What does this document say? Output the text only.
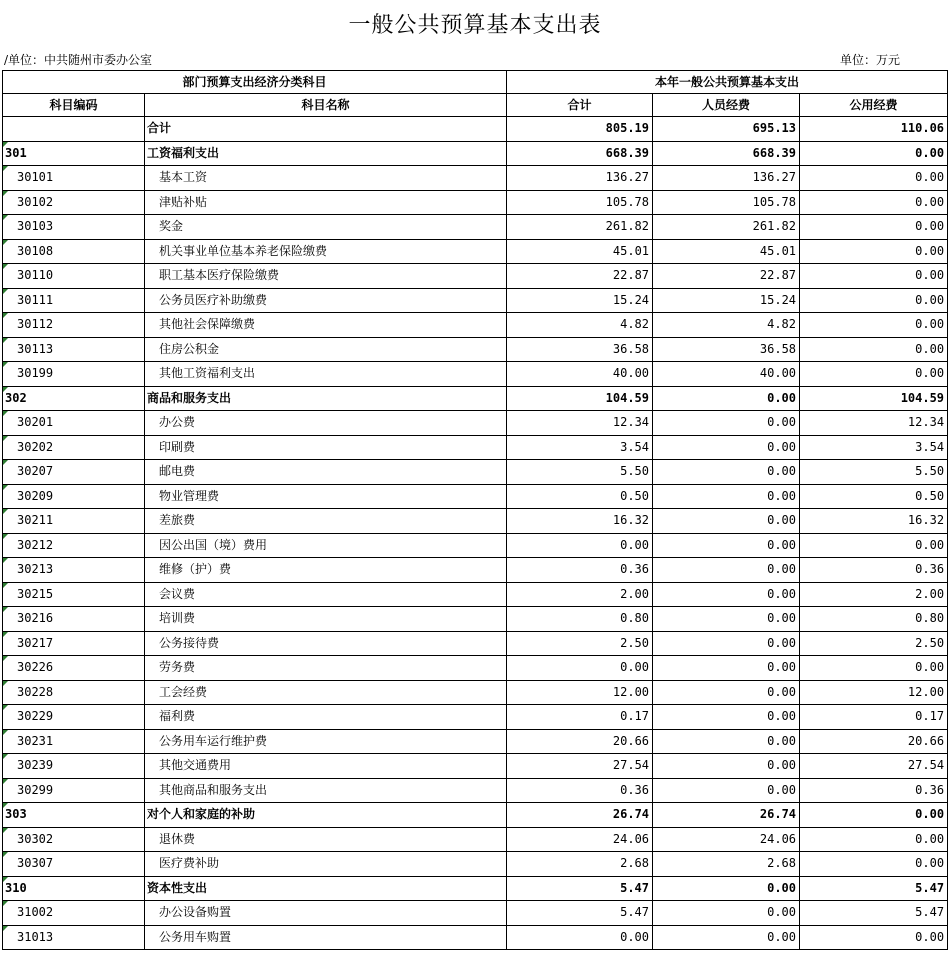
一般公共预算基本支出表
/单位：中共随州市委办公室	单位：万元
部门预算支出经济分类科目		本年一般公共预算基本支出		
科目编码	科目名称	合计	人员经费	公用经费
	合计	805.19	695.13	110.06

301	工资福利支出	668.39	668.39	0.00

30101	基本工资	136.27	136.27	0.00

30102	津贴补贴	105.78	105.78	0.00

30103	奖金	261.82	261.82	0.00

30108	机关事业单位基本养老保险缴费	45.01	45.01	0.00

30110	职工基本医疗保险缴费	22.87	22.87	0.00

30111	公务员医疗补助缴费	15.24	15.24	0.00

30112	其他社会保障缴费	4.82	4.82	0.00

30113	住房公积金	36.58	36.58	0.00

30199	其他工资福利支出	40.00	40.00	0.00

302	商品和服务支出	104.59	0.00	104.59

30201	办公费	12.34	0.00	12.34

30202	印刷费	3.54	0.00	3.54

30207	邮电费	5.50	0.00	5.50

30209	物业管理费	0.50	0.00	0.50

30211	差旅费	16.32	0.00	16.32

30212	因公出国（境）费用	0.00	0.00	0.00

30213	维修（护）费	0.36	0.00	0.36

30215	会议费	2.00	0.00	2.00

30216	培训费	0.80	0.00	0.80

30217	公务接待费	2.50	0.00	2.50

30226	劳务费	0.00	0.00	0.00

30228	工会经费	12.00	0.00	12.00

30229	福利费	0.17	0.00	0.17

30231	公务用车运行维护费	20.66	0.00	20.66

30239	其他交通费用	27.54	0.00	27.54

30299	其他商品和服务支出	0.36	0.00	0.36

303	对个人和家庭的补助	26.74	26.74	0.00

30302	退休费	24.06	24.06	0.00

30307	医疗费补助	2.68	2.68	0.00

310	资本性支出	5.47	0.00	5.47

31002	办公设备购置	5.47	0.00	5.47

31013	公务用车购置	0.00	0.00	0.00
